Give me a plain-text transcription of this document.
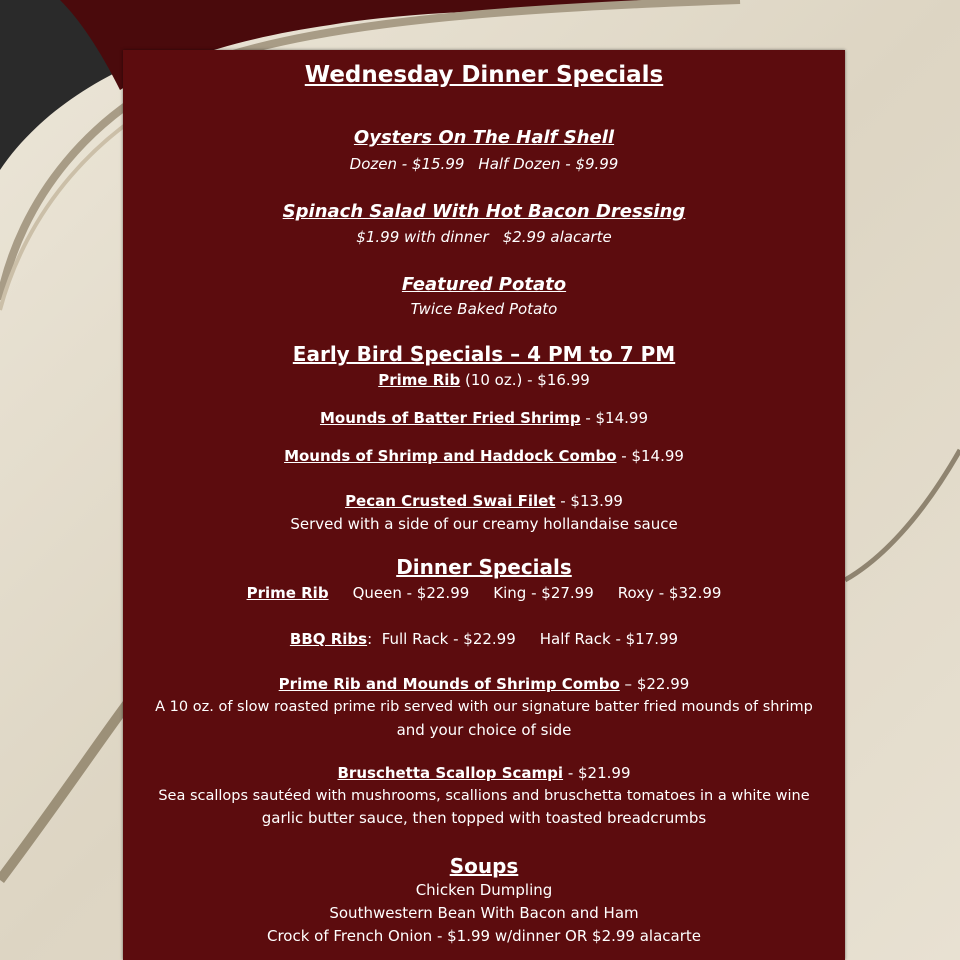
Wednesday Dinner Specials
Oysters On The Half Shell
Dozen - $15.99 Half Dozen - $9.99
Spinach Salad With Hot Bacon Dressing
$1.99 with dinner $2.99 alacarte
Featured Potato
Twice Baked Potato
Early Bird Specials – 4 PM to 7 PM
Prime Rib (10 oz.) - $16.99
Mounds of Batter Fried Shrimp - $14.99
Mounds of Shrimp and Haddock Combo - $14.99
Pecan Crusted Swai Filet - $13.99
Served with a side of our creamy hollandaise sauce
Dinner Specials
Prime Rib Queen - $22.99 King - $27.99 Roxy - $32.99
BBQ Ribs:  Full Rack - $22.99 Half Rack - $17.99
Prime Rib and Mounds of Shrimp Combo – $22.99
A 10 oz. of slow roasted prime rib served with our signature batter fried mounds of shrimp
and your choice of side
Bruschetta Scallop Scampi - $21.99
Sea scallops sautéed with mushrooms, scallions and bruschetta tomatoes in a white wine
garlic butter sauce, then topped with toasted breadcrumbs
Soups
Chicken Dumpling
Southwestern Bean With Bacon and Ham
Crock of French Onion - $1.99 w/dinner OR $2.99 alacarte
